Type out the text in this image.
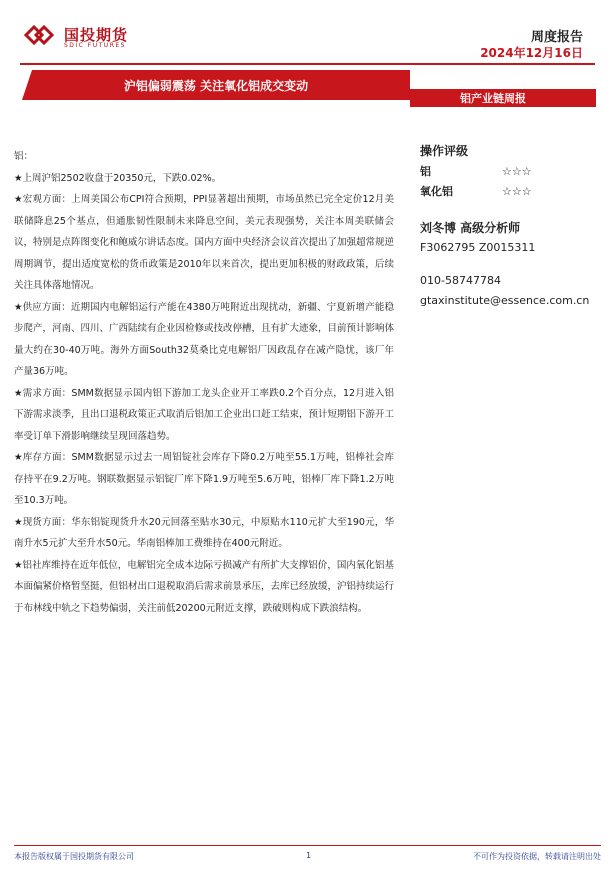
国投期货
SDIC FUTURES
周度报告
2024年12月16日
沪铝偏弱震荡 关注氧化铝成交变动
铝产业链周报

铝：

★上周沪铝2502收盘于20350元，下跌0.02%。

★宏观方面：上周美国公布CPI符合预期，PPI显著超出预期，市场虽然已完全定价12月美联储降息25个基点，但通胀韧性限制未来降息空间，美元表现强势，关注本周美联储会议，特别是点阵图变化和鲍威尔讲话态度。国内方面中央经济会议首次提出了加强超常规逆周期调节，提出适度宽松的货币政策是2010年以来首次，提出更加积极的财政政策，后续关注具体落地情况。

★供应方面：近期国内电解铝运行产能在4380万吨附近出现扰动，新疆、宁夏新增产能稳步爬产，河南、四川、广西陆续有企业因检修或技改停槽，且有扩大迹象，目前预计影响体量大约在30-40万吨。海外方面South32莫桑比克电解铝厂因政乱存在减产隐忧，该厂年产量36万吨。

★需求方面：SMM数据显示国内铝下游加工龙头企业开工率跌0.2个百分点，12月进入铝下游需求淡季，且出口退税政策正式取消后铝加工企业出口赶工结束，预计短期铝下游开工率受订单下滑影响继续呈现回落趋势。

★库存方面：SMM数据显示过去一周铝锭社会库存下降0.2万吨至55.1万吨，铝棒社会库存持平在9.2万吨。钢联数据显示铝锭厂库下降1.9万吨至5.6万吨，铝棒厂库下降1.2万吨至10.3万吨。

★现货方面：华东铝锭现货升水20元回落至贴水30元，中原贴水110元扩大至190元，华南升水5元扩大至升水50元。华南铝棒加工费维持在400元附近。

★铝社库维持在近年低位，电解铝完全成本边际亏损减产有所扩大支撑铝价，国内氧化铝基本面偏紧价格暂坚挺，但铝材出口退税取消后需求前景承压，去库已经放缓，沪铝持续运行于布林线中轨之下趋势偏弱，关注前低20200元附近支撑，跌破则构成下跌浪结构。

操作评级
铝	☆☆☆
氧化铝	☆☆☆
刘冬博 高级分析师
F3062795 Z0015311
010-58747784
gtaxinstitute@essence.com.cn
本报告版权属于国投期货有限公司	1	不可作为投资依据，转载请注明出处
